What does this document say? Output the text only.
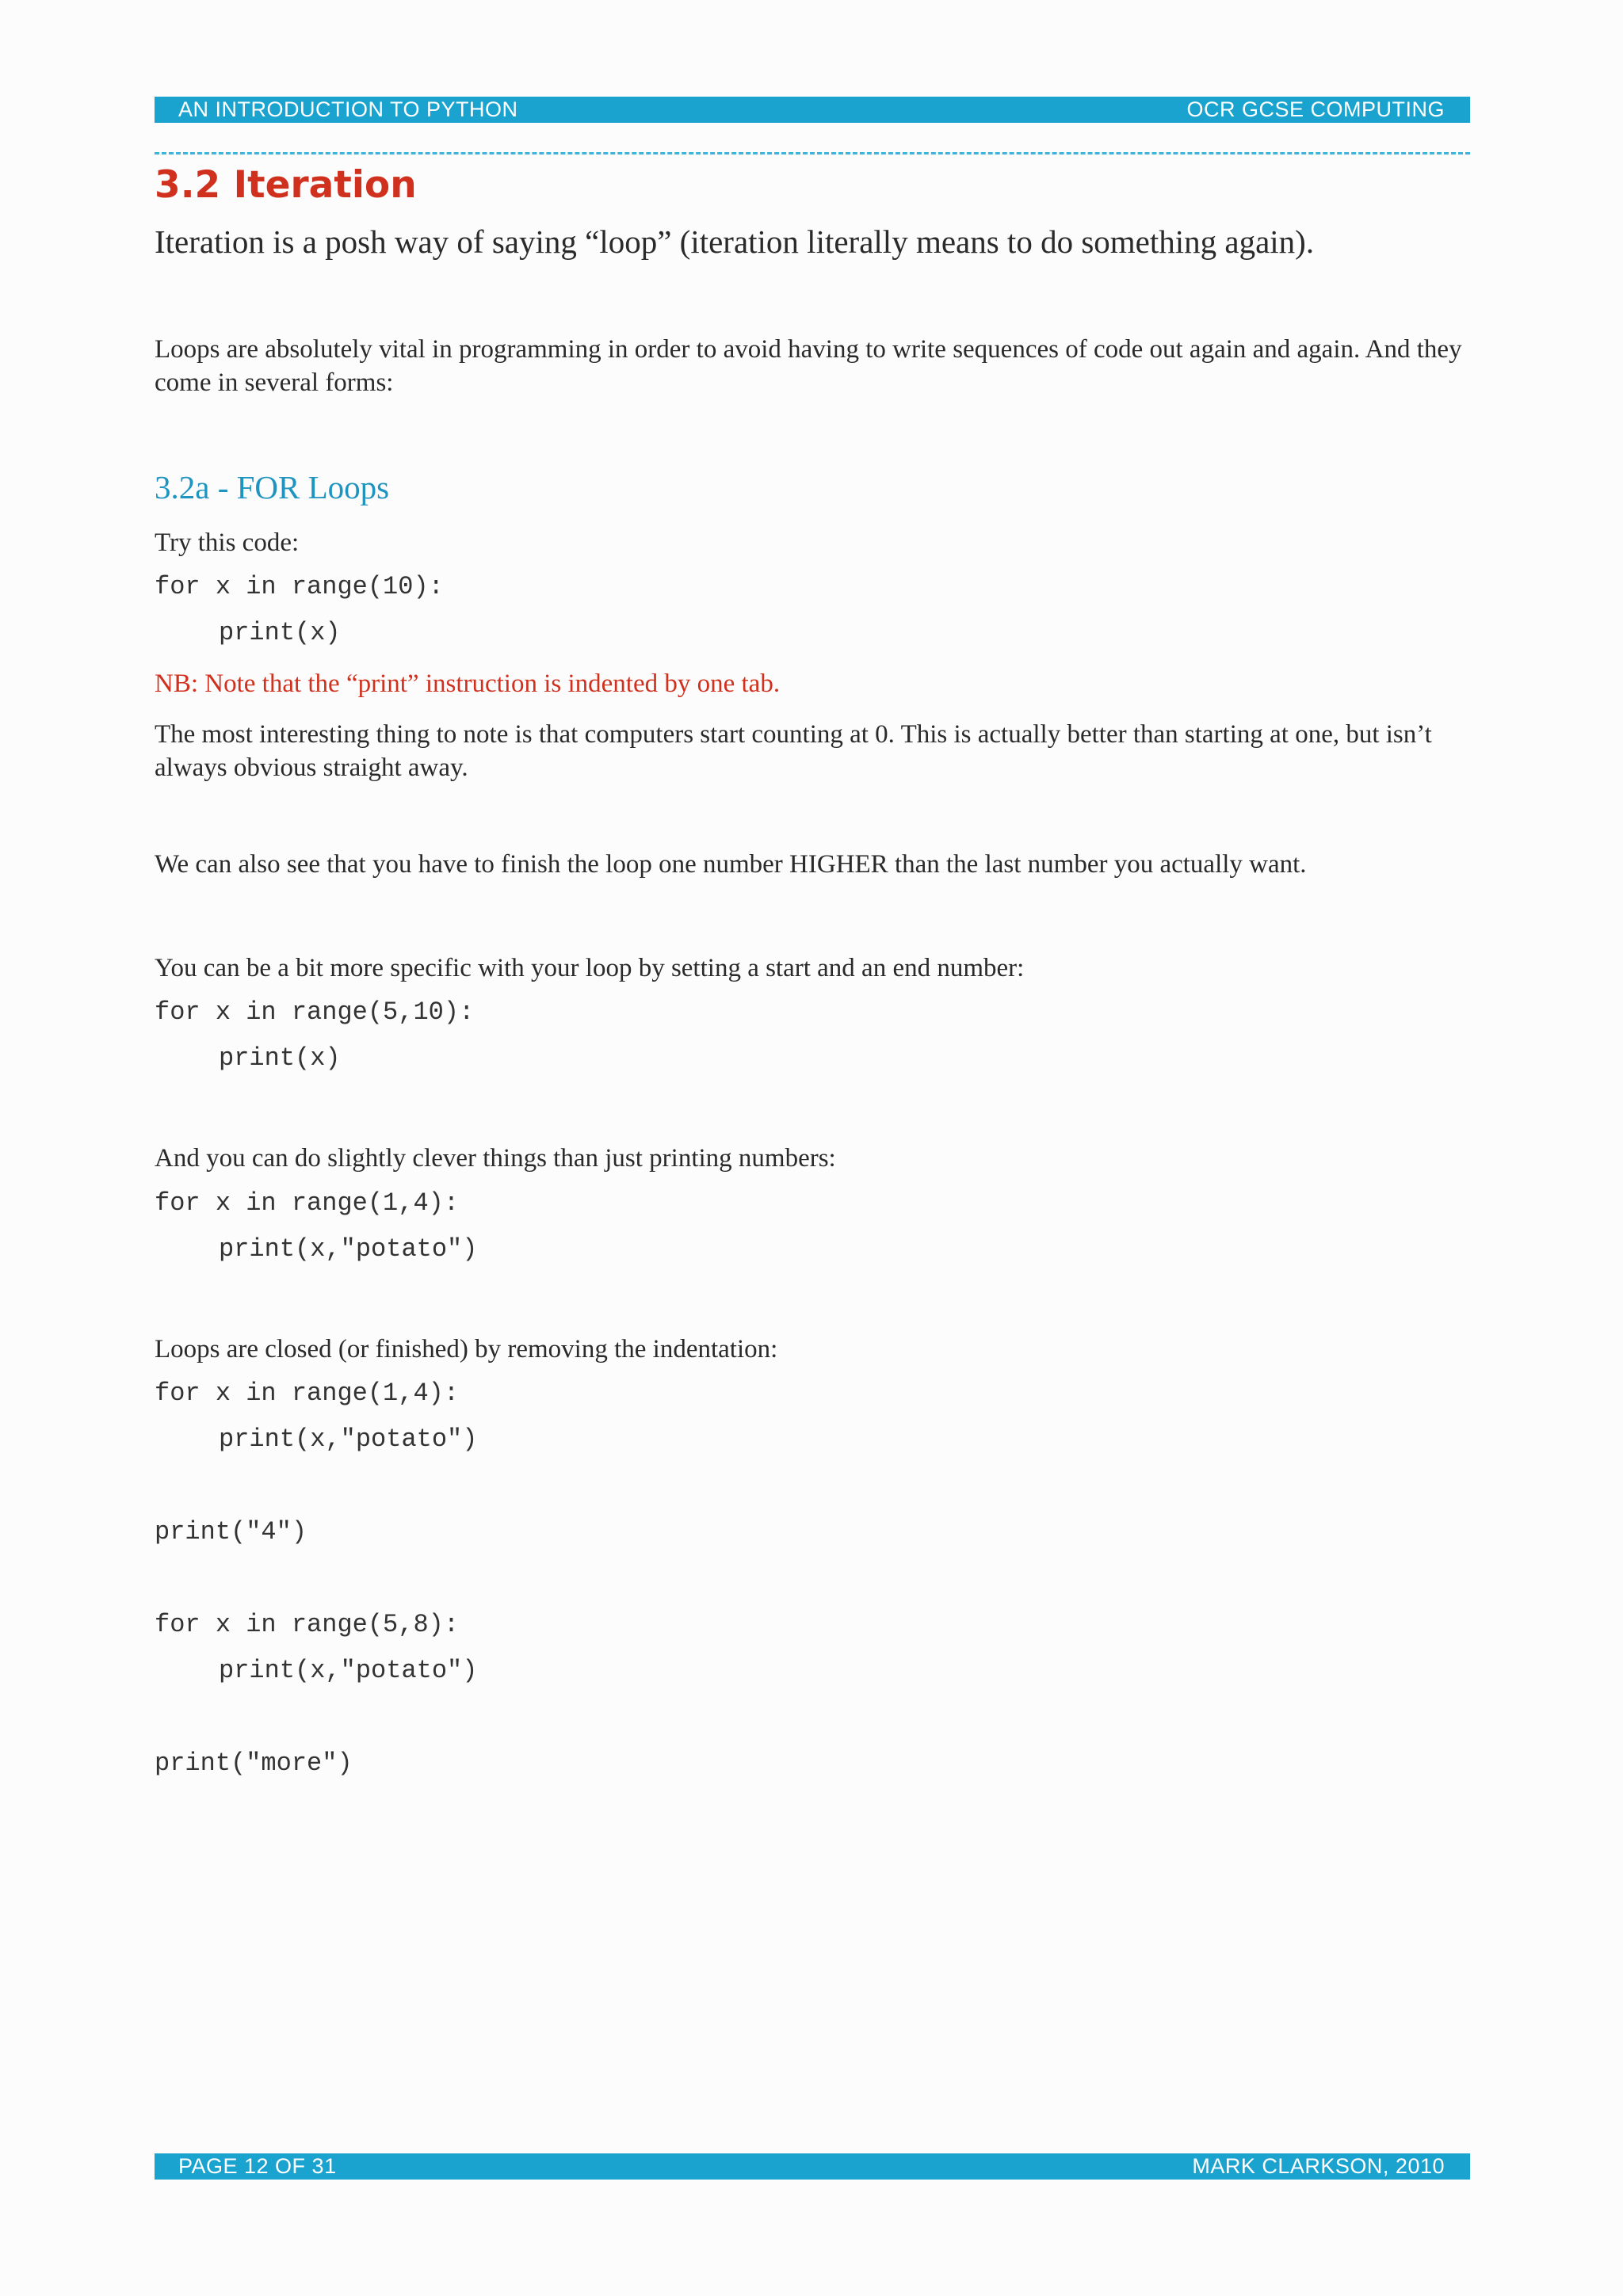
AN INTRODUCTION TO PYTHON	OCR GCSE COMPUTING
3.2 Iteration
Iteration is a posh way of saying “loop” (iteration literally means to do something again).
Loops are absolutely vital in programming in order to avoid having to write sequences of code out again and again. And they come in several forms:
3.2a - FOR Loops
Try this code:
for x in range(10):
print(x)
NB: Note that the “print” instruction is indented by one tab.
The most interesting thing to note is that computers start counting at 0. This is actually better than starting at one, but isn’t always obvious straight away.
We can also see that you have to finish the loop one number HIGHER than the last number you actually want.
You can be a bit more specific with your loop by setting a start and an end number:
for x in range(5,10):
print(x)
And you can do slightly clever things than just printing numbers:
for x in range(1,4):
print(x,"potato")
Loops are closed (or finished) by removing the indentation:
for x in range(1,4):
print(x,"potato")
print("4")
for x in range(5,8):
print(x,"potato")
print("more")
PAGE 12 OF 31	MARK CLARKSON, 2010
